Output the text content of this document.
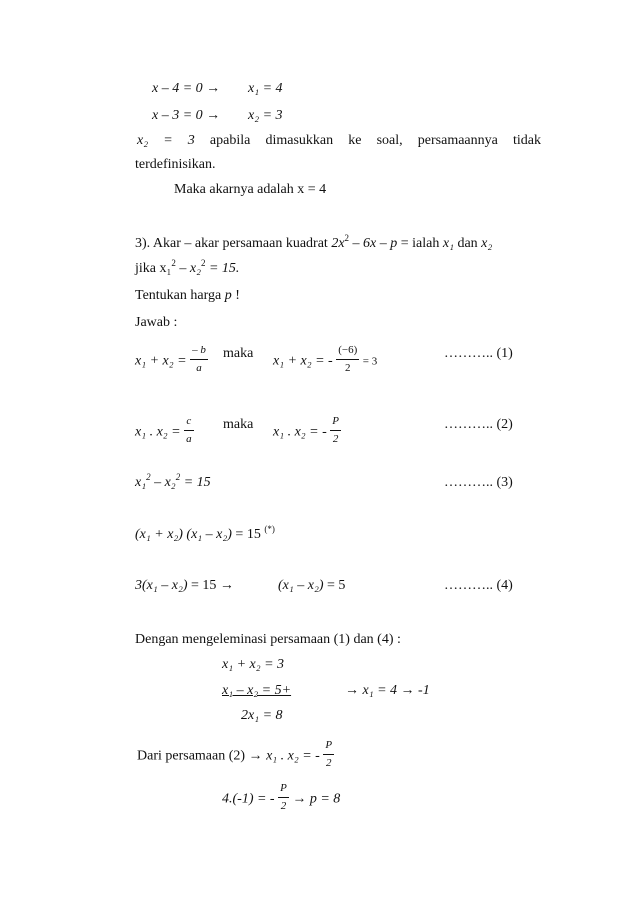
x – 4 = 0 → x₁ = 4
x – 3 = 0 → x₂ = 3
x₂ = 3 apabila dimasukkan ke soal, persamaannya tidak
terdefinisikan.
Maka akarnya adalah x = 4
3). Akar – akar persamaan kuadrat $2x^2 - 6x$ – p = ialah x₁ dan x₂
jika x₁$^2$ – x₂$^2$ = 15.
Tentukan harga p !
Jawab :
$x_1 + x_2 = \frac{- b}{a}$ maka
x₁ + x₂ = - $\frac{(-6)}{2} = 3$
……….. (1)
x₁ . $x_2 = \frac{c}{a}$ maka
x₁ . x₂ = - $\frac{P}{2}$	……….. (2)
x₁$^2$ – x₂$^2$ = 15	……….. (3)
(x₁ + x₂) (x₁ – x₂) = 15 (*)
3(x₁ – x₂) = 15 →	(x₁ – x₂) = 5	……….. (4)
Dengan mengeleminasi persamaan (1) dan (4) :
x₁ + x₂ = 3
x₁ – x₂ = 5+	→ x₁ = 4 → -1
2x₁ = 8
Dari persamaan (2) → x₁ . x₂ = - $\frac{P}{2}$
4.(-1) = - $\frac{P}{2} \to p = 8$
